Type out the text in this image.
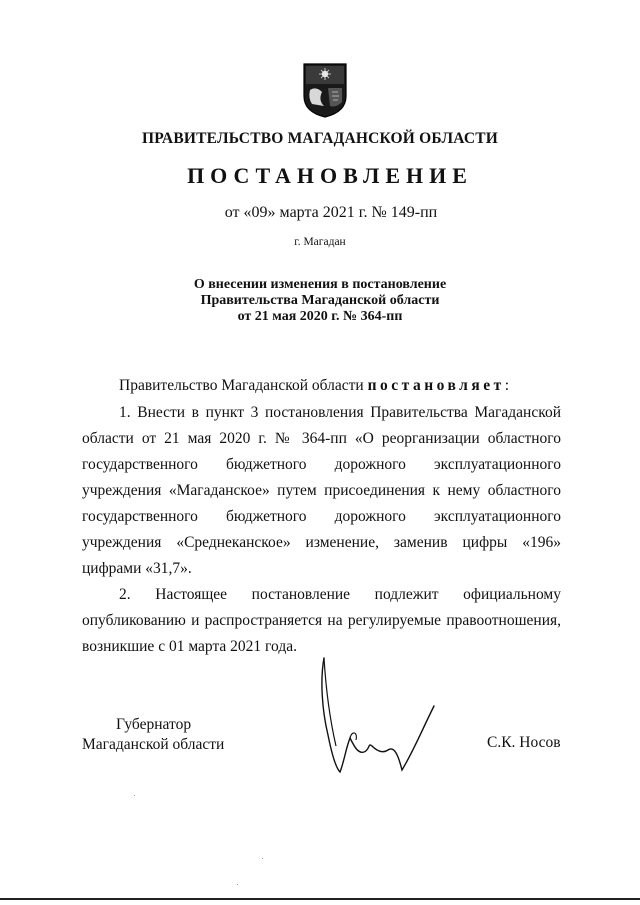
ПРАВИТЕЛЬСТВО МАГАДАНСКОЙ ОБЛАСТИ
ПОСТАНОВЛЕНИЕ
от «09» марта 2021 г. № 149-пп
г. Магадан
О внесении изменения в постановление
Правительства Магаданской области
от 21 мая 2020 г. № 364-пп
Правительство Магаданской области постановляет:
1. Внести в пункт 3 постановления Правительства Магаданской области от 21 мая 2020 г. № 364-пп «О реорганизации областного государственного бюджетного дорожного эксплуатационного учреждения «Магаданское» путем присоединения к нему областного государственного бюджетного дорожного эксплуатационного учреждения «Среднеканское» изменение, заменив цифры «196» цифрами «31,7».
2. Настоящее постановление подлежит официальному опубликованию и распространяется на регулируемые правоотношения, возникшие с 01 марта 2021 года.
Губернатор
Магаданской области	С.К. Носов
